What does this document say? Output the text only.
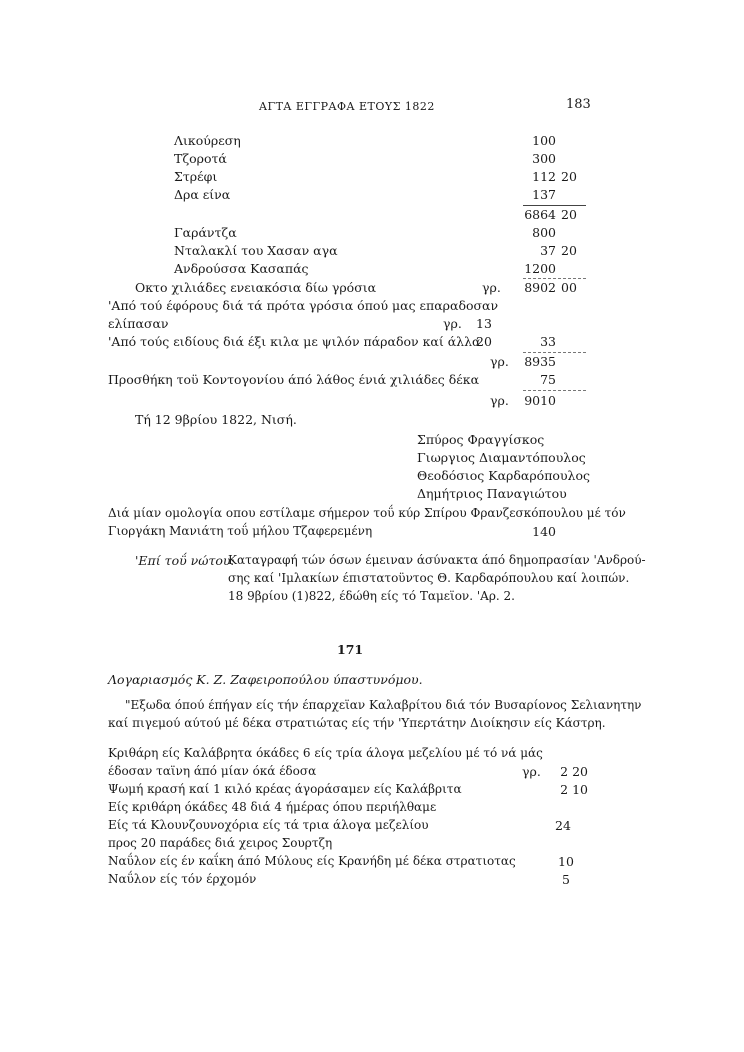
ΑΓΤΑ ΕΓΓΡΑΦΑ ΕΤΟΥΣ 1822	183
Λικούρεση	100
Τζοροτά	300
Στρέφι	112 20
Δρα είνα	137
6864 20
Γαράντζα	800
Νταλακλί του Χασαν αγα	37 20
Ανδρούσσα Κασαπάς	1200
Οκτο χιλιάδες ενειακόσια δίω γρόσια	γρ.	8902 00
'Από τού έφόρους διά τά πρότα γρόσια όπού μας επαραδοσαν
ελίπασαν	γρ. 13
'Από τούς ειδίους διά έξι κιλα με ψιλόν πάραδον καί άλλα
20	33
γρ.	8935
Προσθήκη τοϋ Κοντογονίου άπό λάθος ένιά χιλιάδες δέκα	75
γρ.	9010
Τή 12 9βρίου 1822, Νισή.
Σπύρος Φραγγίσκος
Γιωργιος Διαμαντόπουλος
Θεοδόσιος Καρδαρόπουλος
Δημήτριος Παναγιώτου
Διά μίαν ομολογία οπου εστίλαμε σήμερον τοΰ κύρ Σπίρου Φρανζεσκόπουλου μέ τόν
Γιοργάκη Μανιάτη τοΰ μήλου Τζαφερεμένη	140
'Επί τοΰ νώτου:
Καταγραφή τών όσων έμειναν άσύνακτα άπό δημοπρασίαν 'Ανδρού-
σης καί 'Ιμλακίων έπιστατοϋντος Θ. Καρδαρόπουλου καί λοιπών.
18 9βρίου (1)822, έδώθη είς τό Ταμεϊον. 'Αρ. 2.
171
Λογαριασμός Κ. Ζ. Ζαφειροπούλου ύπαστυνόμου.
"Εξωδα όπού έπήγαν είς τήν έπαρχεϊαν Καλαβρίτου διά τόν Βυσαρίονος Σελιανητην
καί πιγεμού αύτού μέ δέκα στρατιώτας είς τήν 'Υπερτάτην Διοίκησιν είς Κάστρη.
Κριθάρη είς Καλάβρητα όκάδες 6 είς τρία άλογα μεζελίου μέ τό νά μάς
έδοσαν ταϊνη άπό μίαν όκά έδοσα	γρ.	2 20
Ψωμή κρασή καί 1 κιλό κρέας άγοράσαμεν είς Καλάβριτα	2 10
Είς κριθάρη όκάδες 48 διά 4 ήμέρας όπου περιήλθαμε
Είς τά Κλουνζουνοχόρια είς τά τρια άλογα μεζελίου	24
προς 20 παράδες διά χειρος Σουρτζη
Ναΰλον είς έν καΐκη άπό Μύλους είς Κρανήδη μέ δέκα στρατιοτας	10
Ναΰλον είς τόν έρχομόν	5
